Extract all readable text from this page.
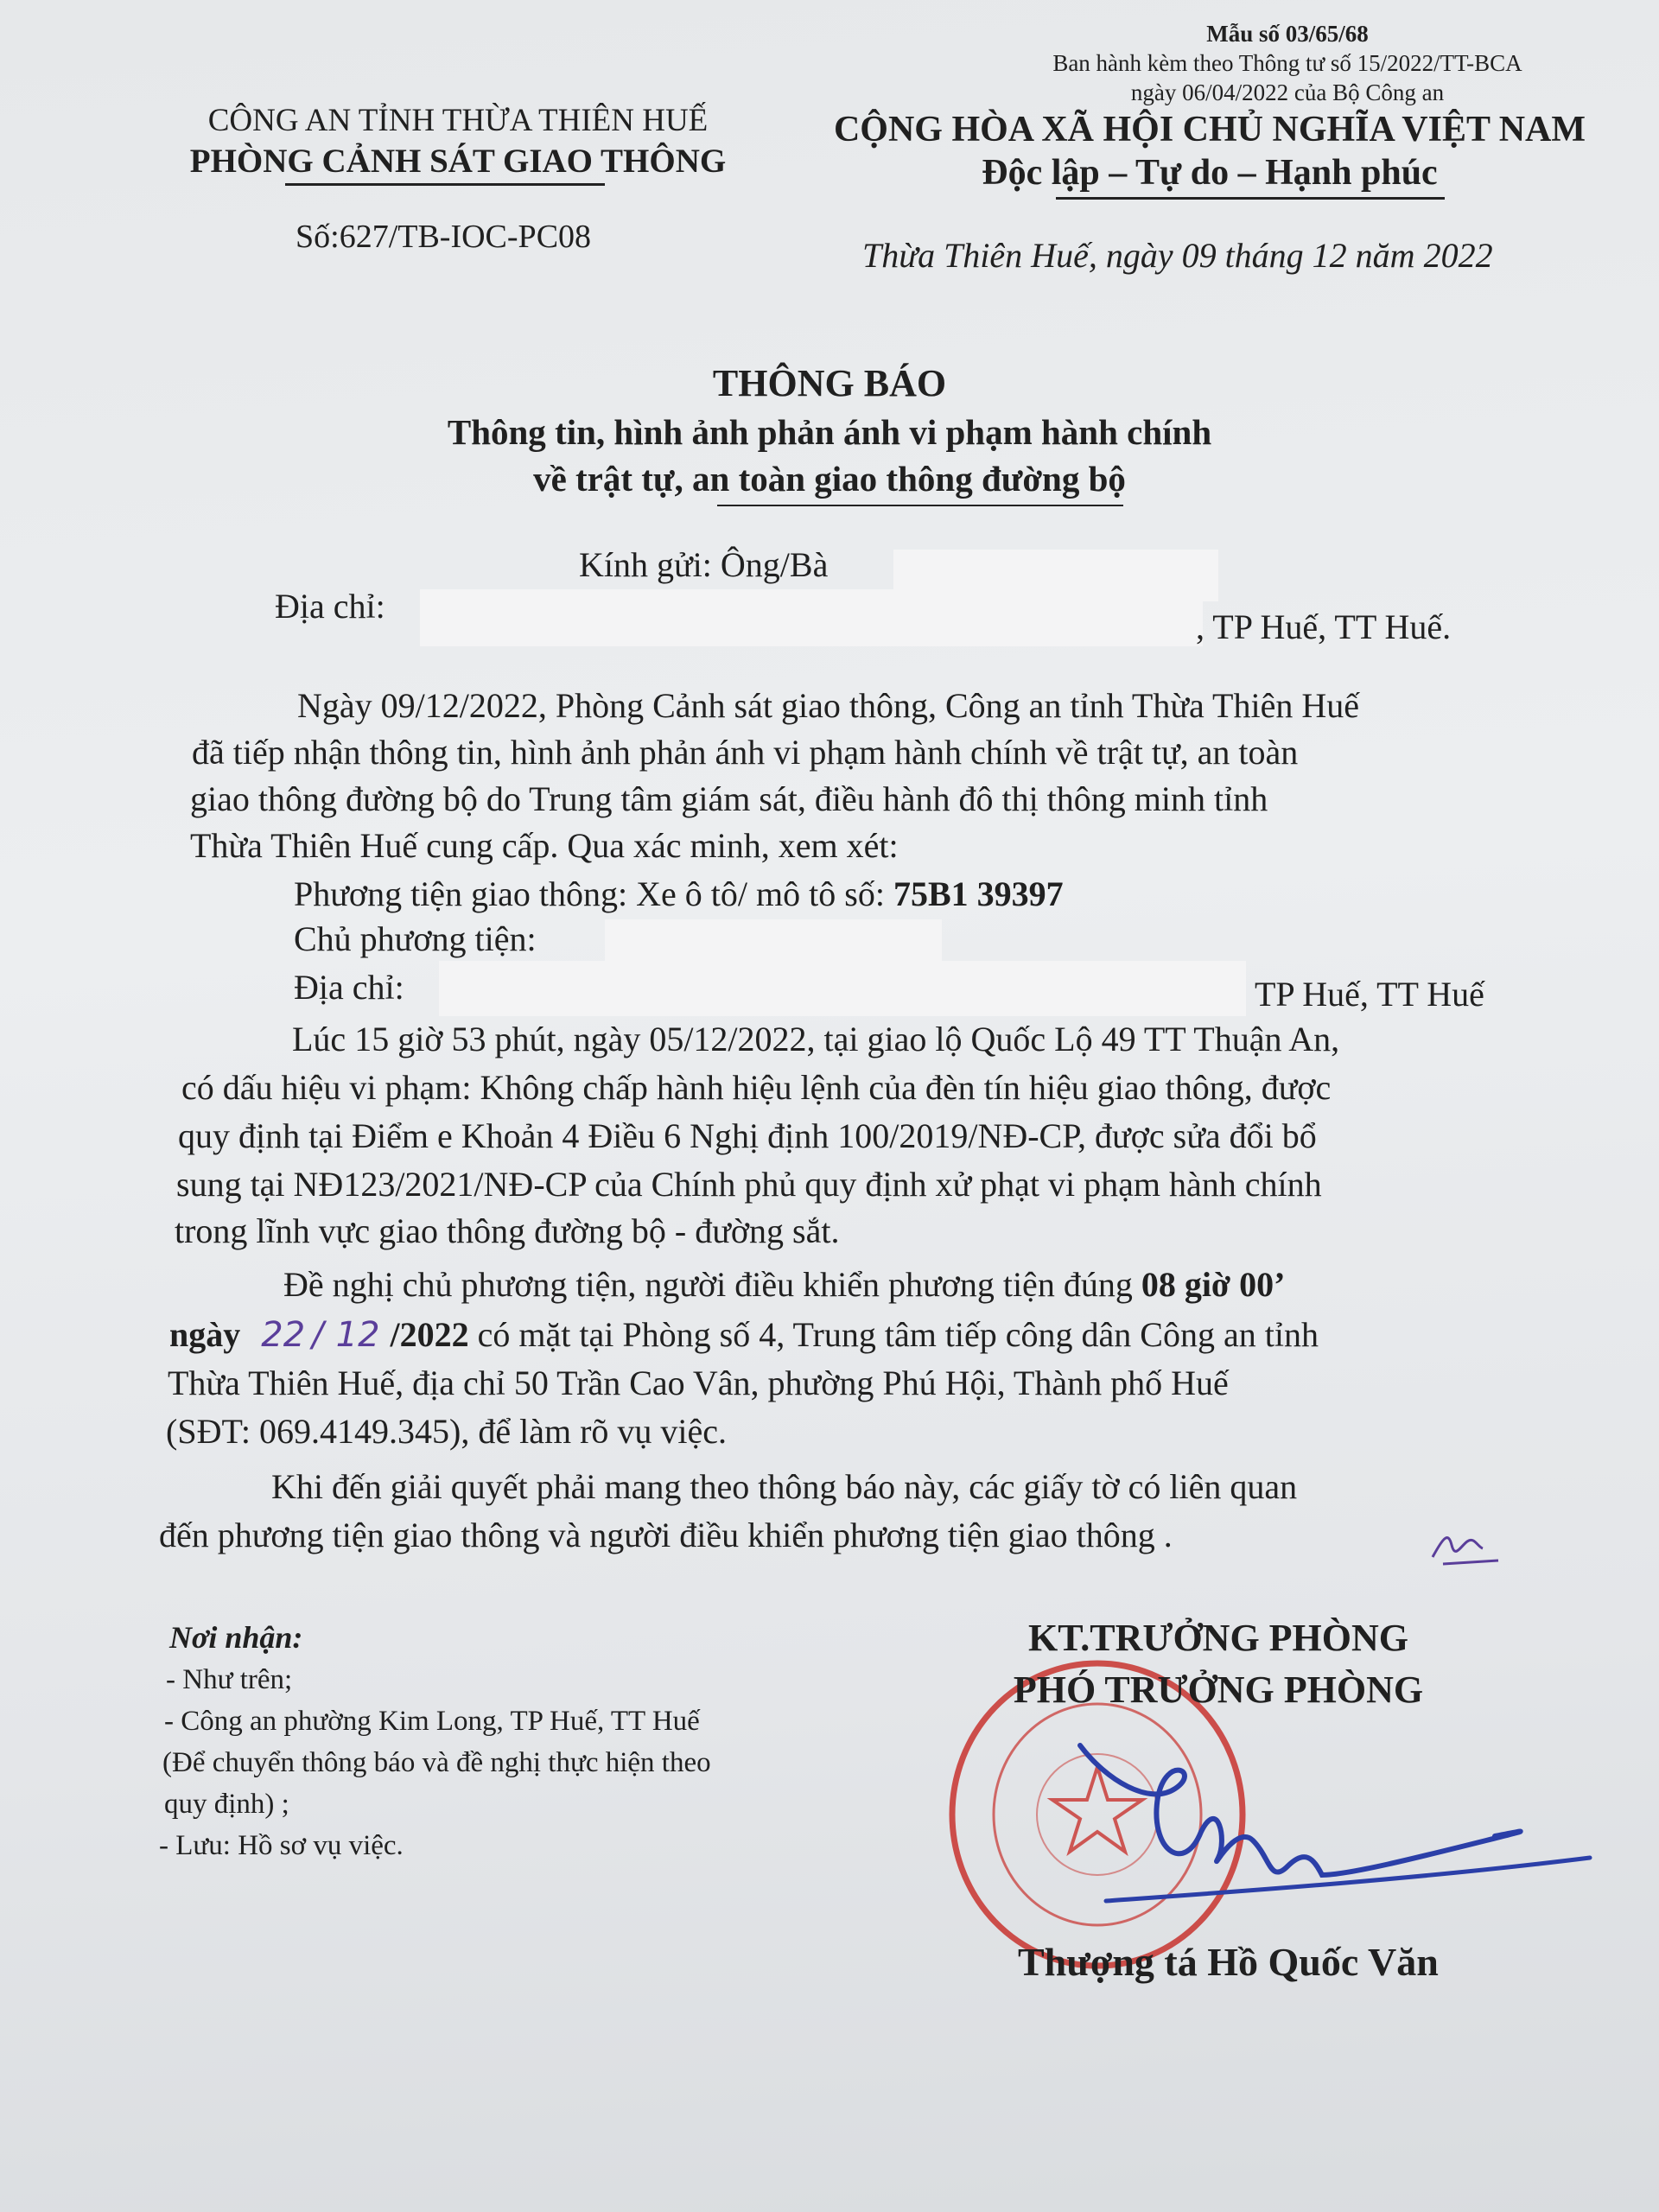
Mẫu số 03/65/68
Ban hành kèm theo Thông tư số 15/2022/TT-BCA
ngày 06/04/2022 của Bộ Công an
CÔNG AN TỈNH THỪA THIÊN HUẾ
PHÒNG CẢNH SÁT GIAO THÔNG
Số:627/TB-IOC-PC08
CỘNG HÒA XÃ HỘI CHỦ NGHĨA VIỆT NAM
Độc lập – Tự do – Hạnh phúc
Thừa Thiên Huế, ngày 09 tháng 12 năm 2022
THÔNG BÁO
Thông tin, hình ảnh phản ánh vi phạm hành chính
về trật tự, an toàn giao thông đường bộ
Kính gửi: Ông/Bà
Địa chỉ:
, TP Huế, TT Huế.
Ngày 09/12/2022, Phòng Cảnh sát giao thông, Công an tỉnh Thừa Thiên Huế
đã tiếp nhận thông tin, hình ảnh phản ánh vi phạm hành chính về trật tự, an toàn
giao thông đường bộ do Trung tâm giám sát, điều hành đô thị thông minh tỉnh
Thừa Thiên Huế cung cấp. Qua xác minh, xem xét:
Phương tiện giao thông: Xe ô tô/ mô tô số: 75B1 39397
Chủ phương tiện:
Địa chỉ:	TP Huế, TT Huế
Lúc 15 giờ 53 phút, ngày 05/12/2022, tại giao lộ Quốc Lộ 49 TT Thuận An,
có dấu hiệu vi phạm: Không chấp hành hiệu lệnh của đèn tín hiệu giao thông, được
quy định tại Điểm e Khoản 4 Điều 6 Nghị định 100/2019/NĐ-CP, được sửa đổi bổ
sung tại NĐ123/2021/NĐ-CP của Chính phủ quy định xử phạt vi phạm hành chính
trong lĩnh vực giao thông đường bộ - đường sắt.
Đề nghị chủ phương tiện, người điều khiển phương tiện đúng 08 giờ 00’
ngày 22 / 12 /2022 có mặt tại Phòng số 4, Trung tâm tiếp công dân Công an tỉnh
Thừa Thiên Huế, địa chỉ 50 Trần Cao Vân, phường Phú Hội, Thành phố Huế
(SĐT: 069.4149.345), để làm rõ vụ việc.
Khi đến giải quyết phải mang theo thông báo này, các giấy tờ có liên quan
đến phương tiện giao thông và người điều khiển phương tiện giao thông .
Nơi nhận:
- Như trên;
- Công an phường Kim Long, TP Huế, TT Huế
(Để chuyển thông báo và đề nghị thực hiện theo
quy định) ;
- Lưu: Hồ sơ vụ việc.
KT.TRƯỞNG PHÒNG
PHÓ TRƯỞNG PHÒNG
Thượng tá Hồ Quốc Văn
